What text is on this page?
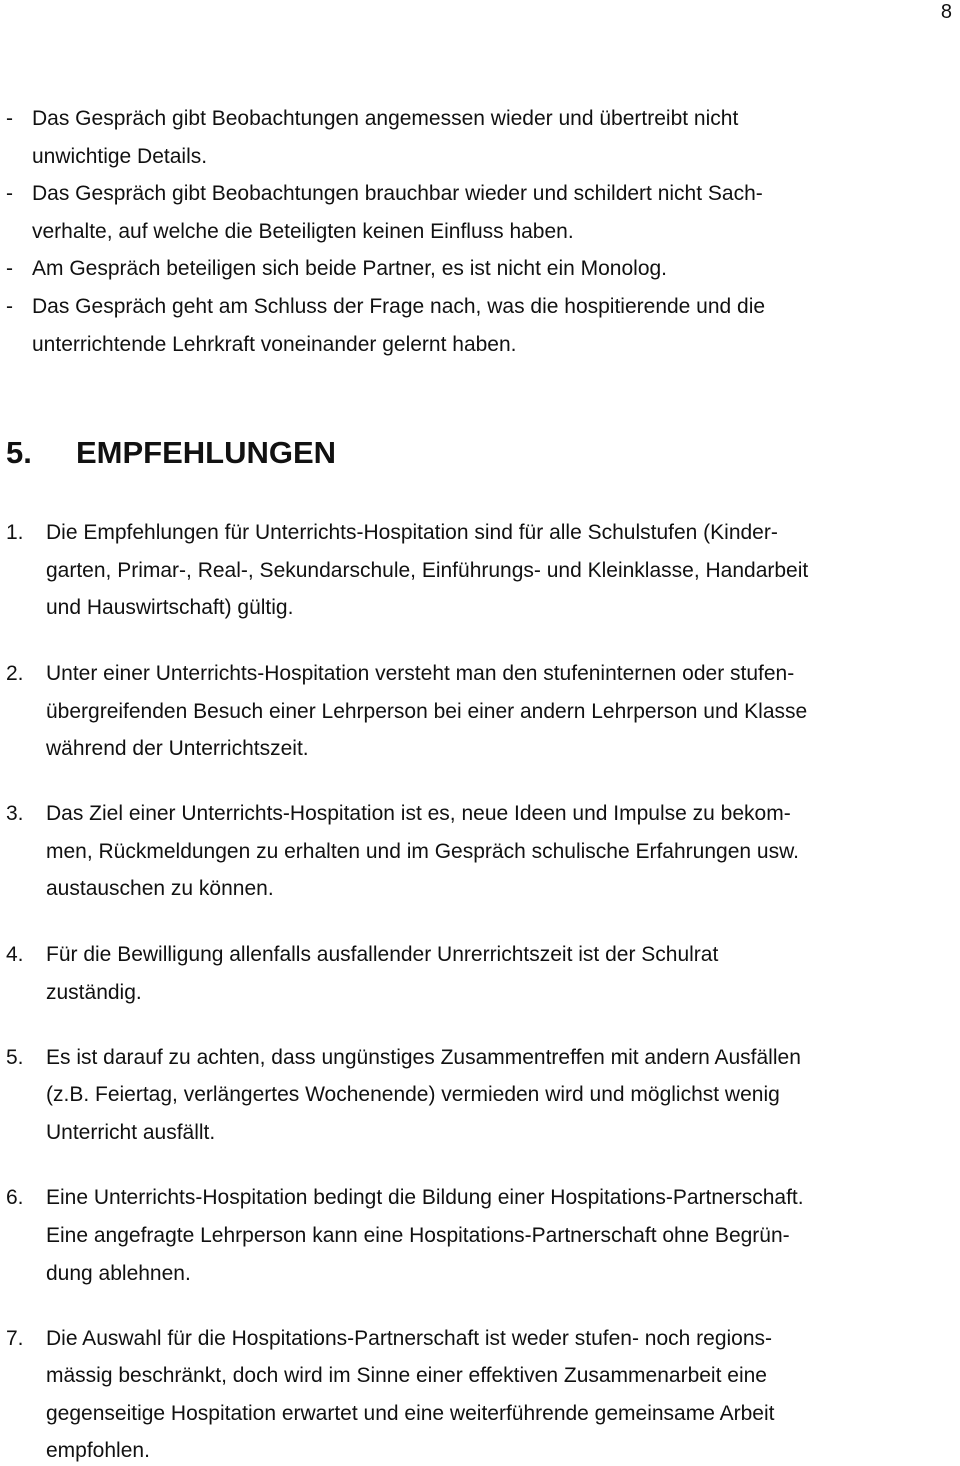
8
- Das Gespräch gibt Beobachtungen angemessen wieder und übertreibt nicht
unwichtige Details.
- Das Gespräch gibt Beobachtungen brauchbar wieder und schildert nicht Sach-
verhalte, auf welche die Beteiligten keinen Einfluss haben.
- Am Gespräch beteiligen sich beide Partner, es ist nicht ein Monolog.
- Das Gespräch geht am Schluss der Frage nach, was die hospitierende und die
unterrichtende Lehrkraft voneinander gelernt haben.
5. EMPFEHLUNGEN
1. Die Empfehlungen für Unterrichts-Hospitation sind für alle Schulstufen (Kinder-
garten, Primar-, Real-, Sekundarschule, Einführungs- und Kleinklasse, Handarbeit
und Hauswirtschaft) gültig.
2. Unter einer Unterrichts-Hospitation versteht man den stufeninternen oder stufen-
übergreifenden Besuch einer Lehrperson bei einer andern Lehrperson und Klasse
während der Unterrichtszeit.
3. Das Ziel einer Unterrichts-Hospitation ist es, neue Ideen und Impulse zu bekom-
men, Rückmeldungen zu erhalten und im Gespräch schulische Erfahrungen usw.
austauschen zu können.
4. Für die Bewilligung allenfalls ausfallender Unrerrichtszeit ist der Schulrat
zuständig.
5. Es ist darauf zu achten, dass ungünstiges Zusammentreffen mit andern Ausfällen
(z.B. Feiertag, verlängertes Wochenende) vermieden wird und möglichst wenig
Unterricht ausfällt.
6. Eine Unterrichts-Hospitation bedingt die Bildung einer Hospitations-Partnerschaft.
Eine angefragte Lehrperson kann eine Hospitations-Partnerschaft ohne Begrün-
dung ablehnen.
7. Die Auswahl für die Hospitations-Partnerschaft ist weder stufen- noch regions-
mässig beschränkt, doch wird im Sinne einer effektiven Zusammenarbeit eine
gegenseitige Hospitation erwartet und eine weiterführende gemeinsame Arbeit
empfohlen.
